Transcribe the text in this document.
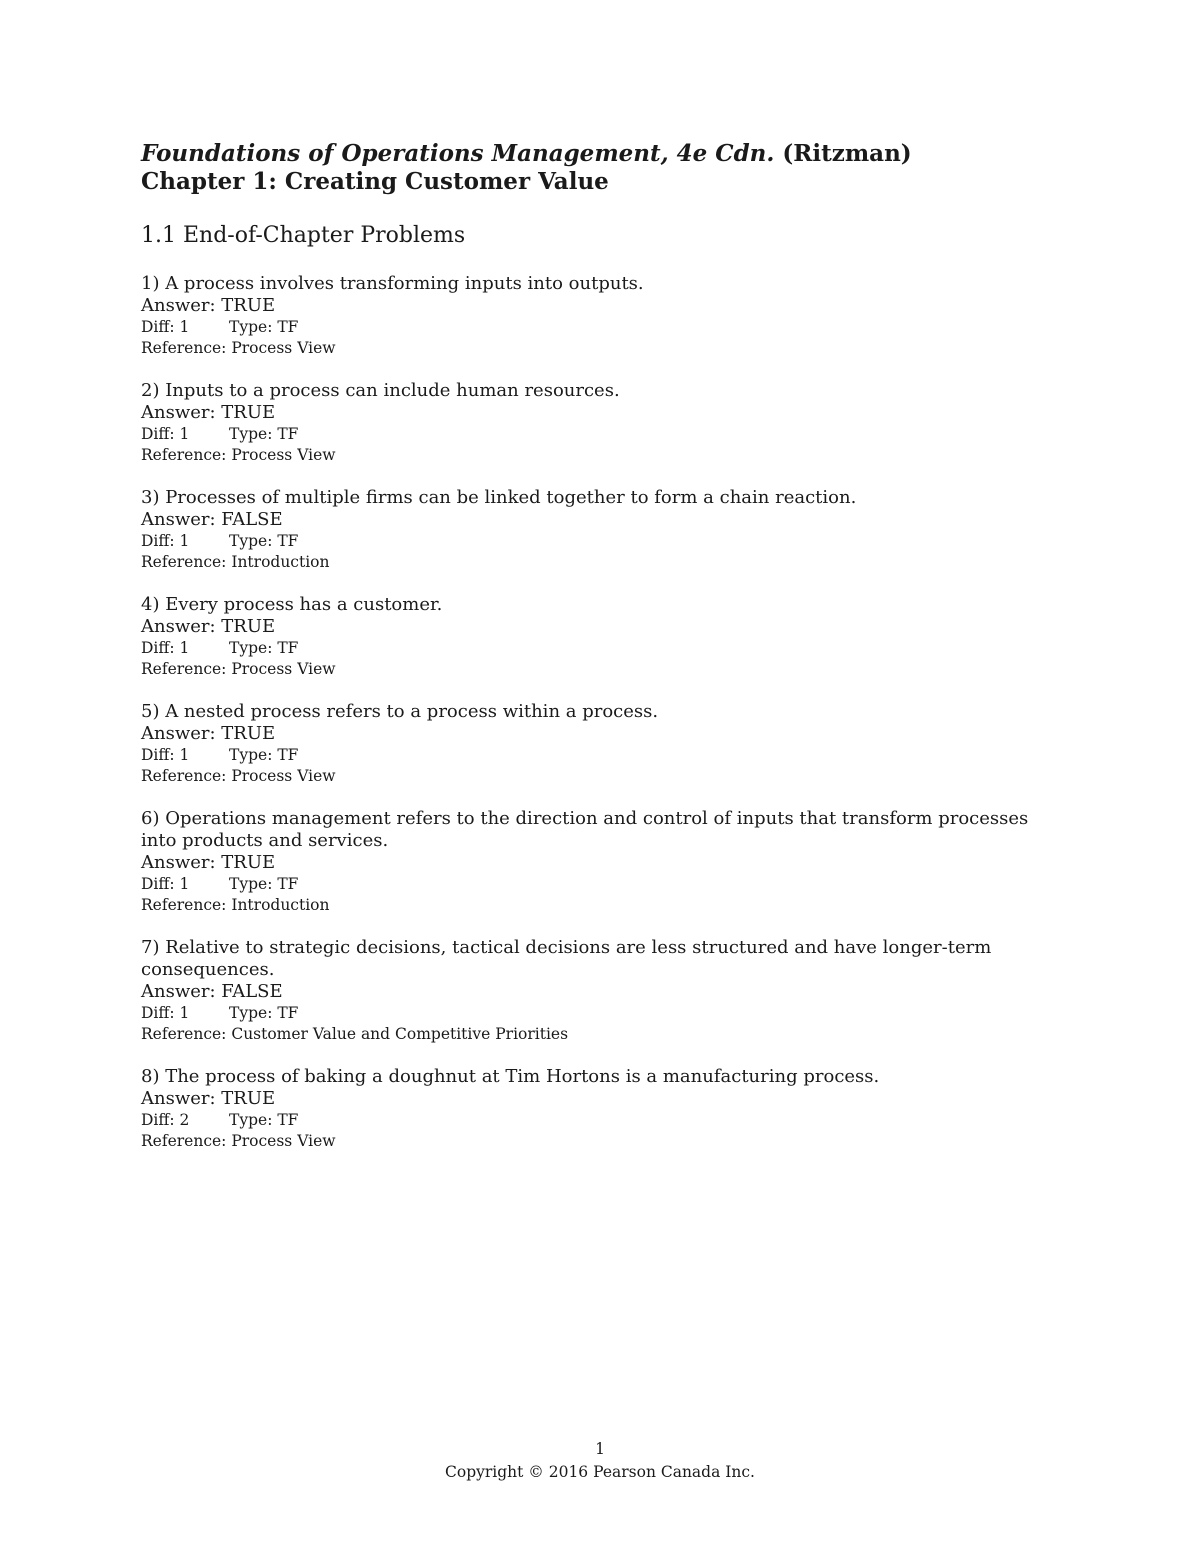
Foundations of Operations Management, 4e Cdn. (Ritzman)

Chapter 1: Creating Customer Value

1.1 End-of-Chapter Problems

1) A process involves transforming inputs into outputs.
Answer: TRUE
Diff: 1	Type: TF
Reference: Process View
2) Inputs to a process can include human resources.
Answer: TRUE
Diff: 1	Type: TF
Reference: Process View
3) Processes of multiple firms can be linked together to form a chain reaction.
Answer: FALSE
Diff: 1	Type: TF
Reference: Introduction
4) Every process has a customer.
Answer: TRUE
Diff: 1	Type: TF
Reference: Process View
5) A nested process refers to a process within a process.
Answer: TRUE
Diff: 1	Type: TF
Reference: Process View
6) Operations management refers to the direction and control of inputs that transform processes into products and services.
Answer: TRUE
Diff: 1	Type: TF
Reference: Introduction
7) Relative to strategic decisions, tactical decisions are less structured and have longer-term consequences.
Answer: FALSE
Diff: 1	Type: TF
Reference: Customer Value and Competitive Priorities
8) The process of baking a doughnut at Tim Hortons is a manufacturing process.
Answer: TRUE
Diff: 2	Type: TF
Reference: Process View
1
Copyright © 2016 Pearson Canada Inc.
